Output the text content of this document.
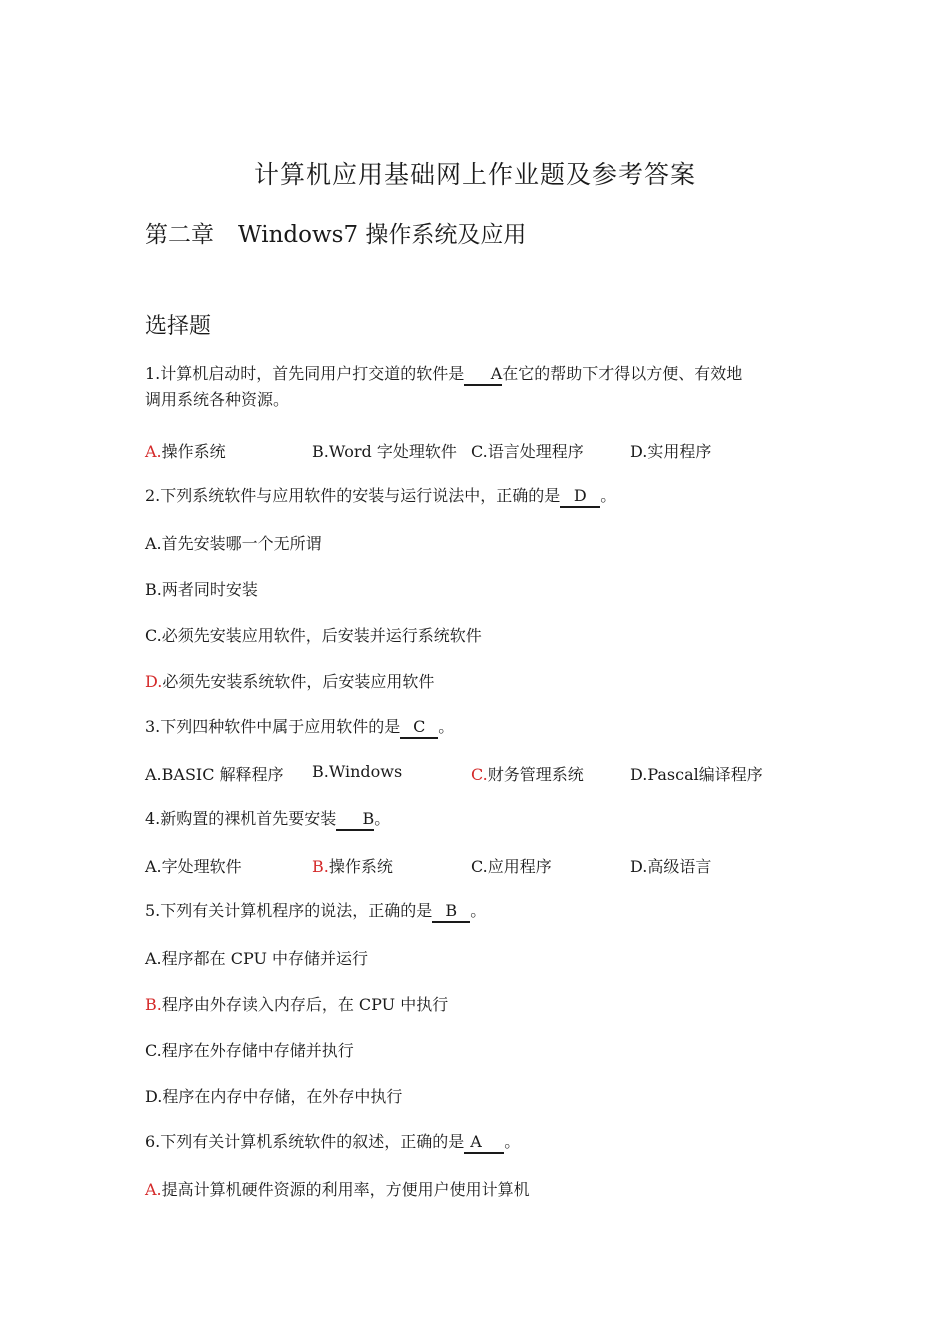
计算机应用基础网上作业题及参考答案
第二章 Windows7 操作系统及应用
选择题
1.计算机启动时，首先同用户打交道的软件是 A在它的帮助下才得以方便、有效地
调用系统各种资源。
A.操作系统	B.Word 字处理软件 C.语言处理程序	D.实用程序
2.下列系统软件与应用软件的安装与运行说法中，正确的是 D 。
A.首先安装哪一个无所谓
B.两者同时安装
C.必须先安装应用软件，后安装并运行系统软件
D.必须先安装系统软件，后安装应用软件
3.下列四种软件中属于应用软件的是 C 。
A.BASIC 解释程序 B.Windows	C.财务管理系统	D.Pascal编译程序
4.新购置的裸机首先要安装 B。
A.字处理软件	B.操作系统	C.应用程序	D.高级语言
5.下列有关计算机程序的说法，正确的是 B 。
A.程序都在 CPU 中存储并运行
B.程序由外存读入内存后，在 CPU 中执行
C.程序在外存储中存储并执行
D.程序在内存中存储，在外存中执行
6.下列有关计算机系统软件的叙述，正确的是 A 。
A.提高计算机硬件资源的利用率，方便用户使用计算机
